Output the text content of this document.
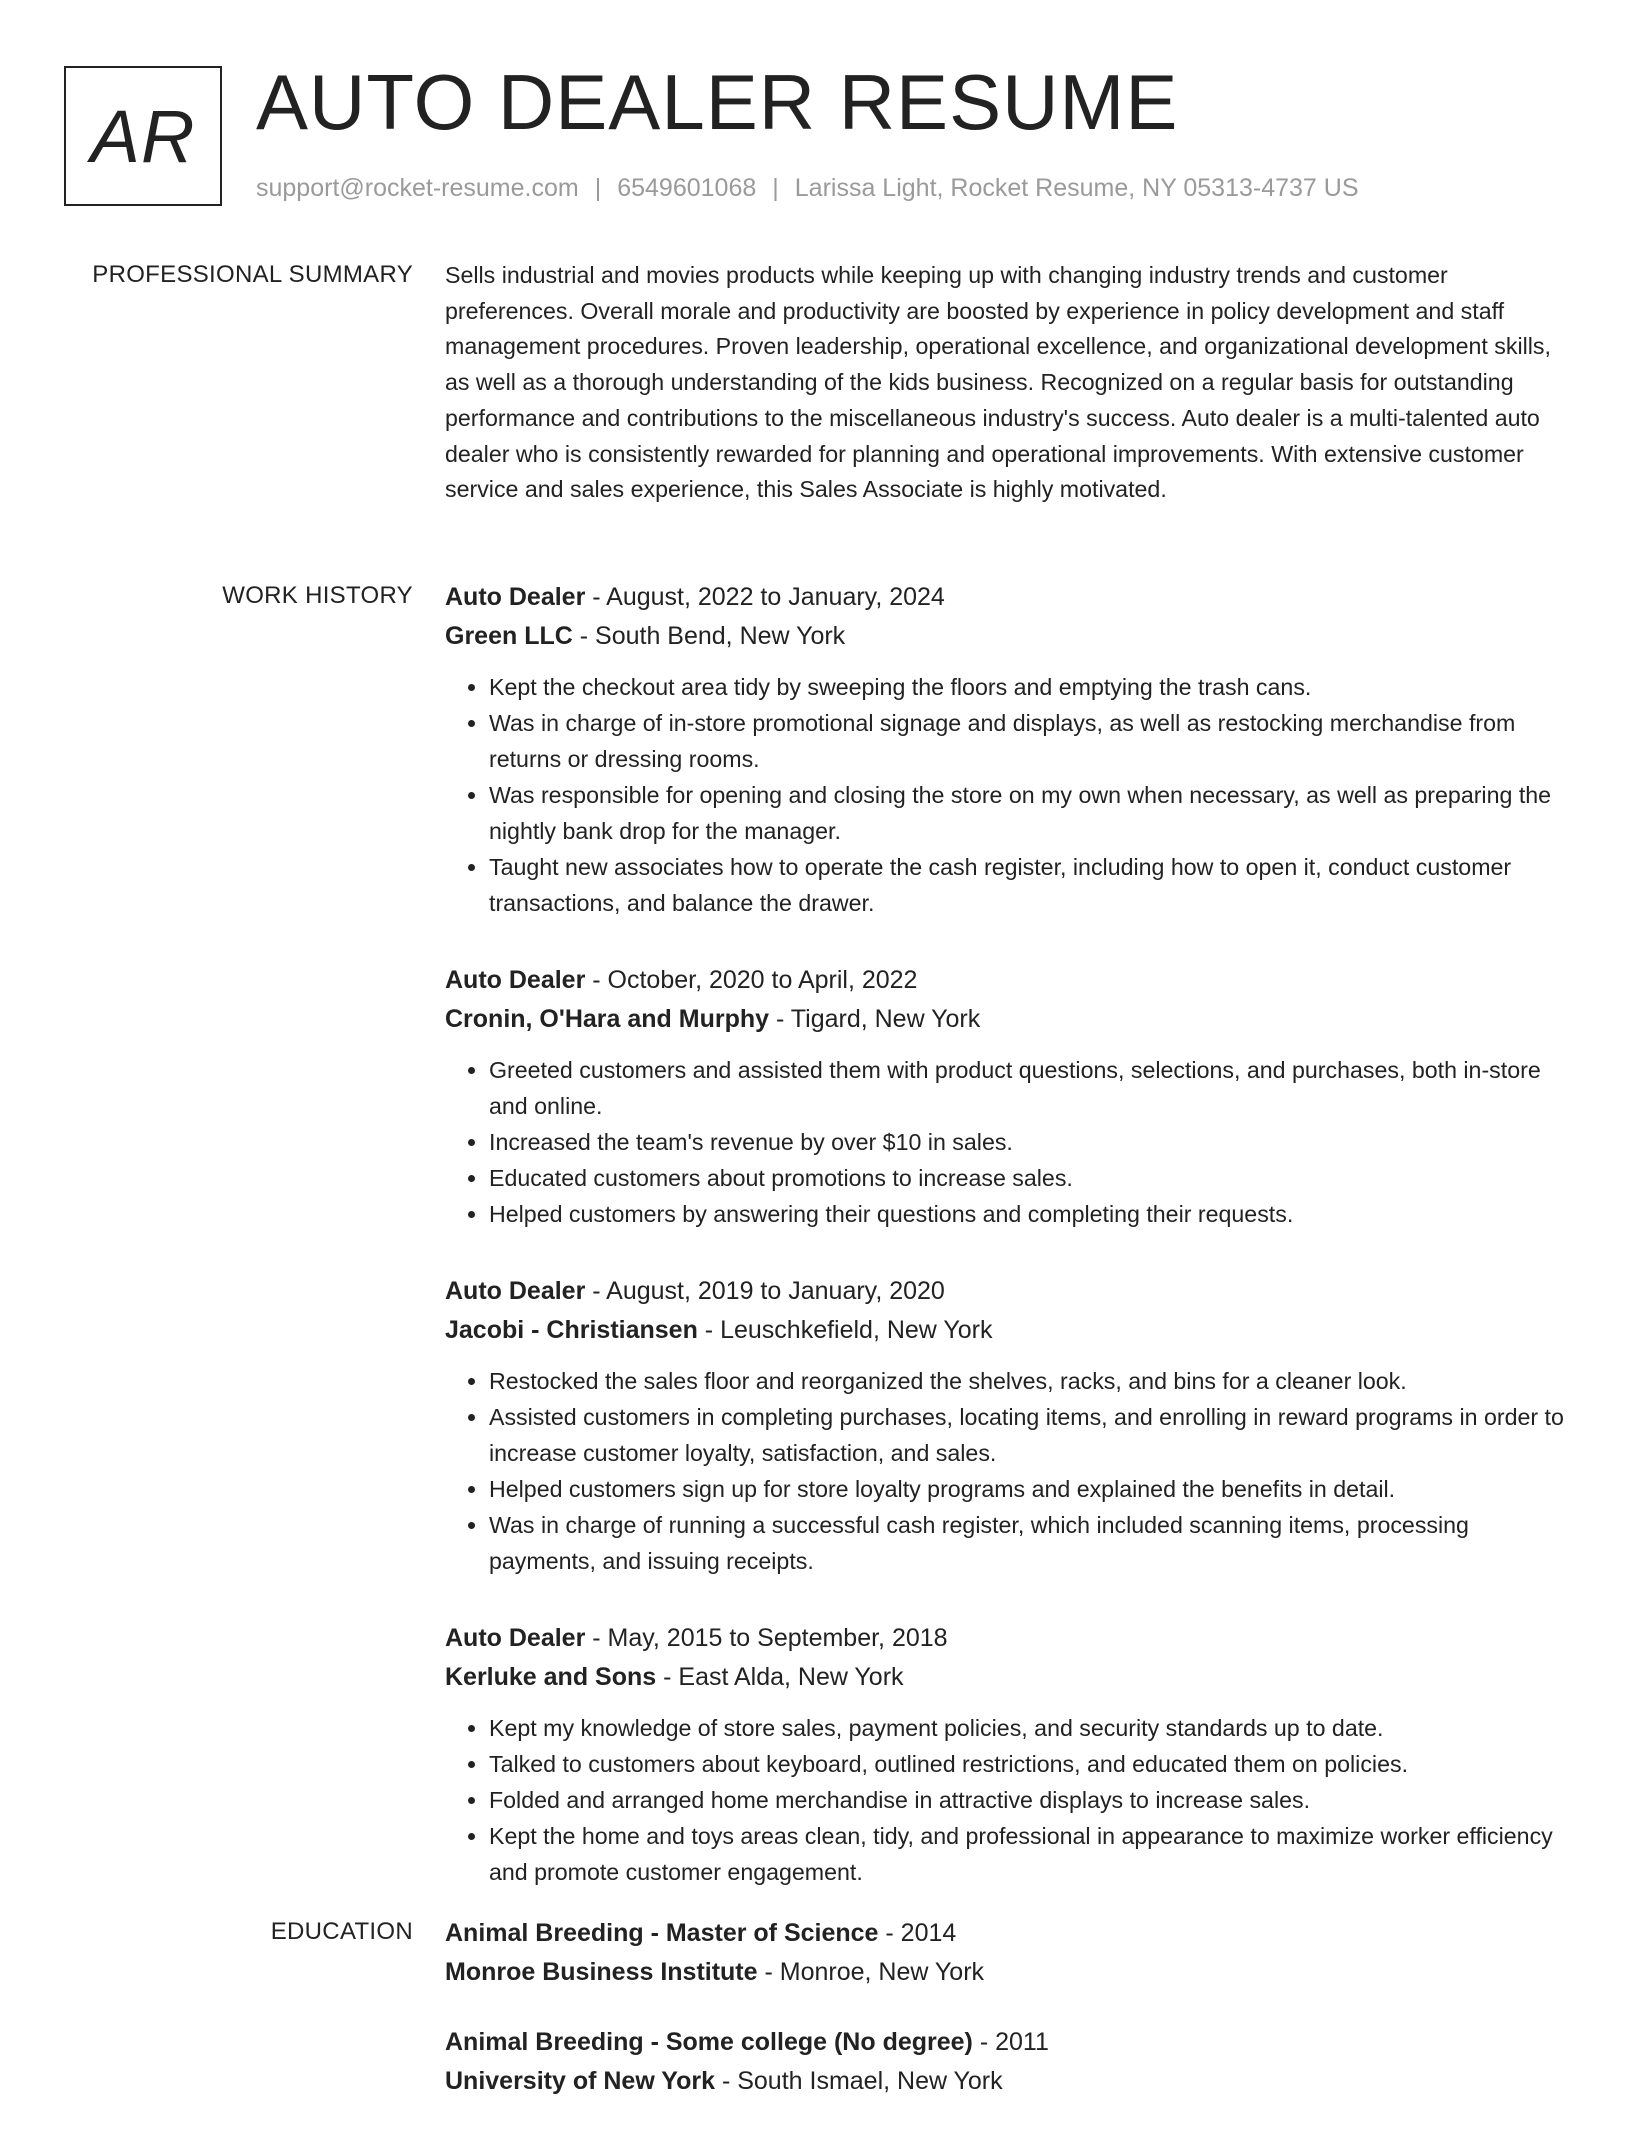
AR AUTO DEALER RESUME
support@rocket-resume.com | 6549601068 | Larissa Light, Rocket Resume, NY 05313-4737 US
PROFESSIONAL SUMMARY Sells industrial and movies products while keeping up with changing industry trends and customer preferences. Overall morale and productivity are boosted by experience in policy development and staff management procedures. Proven leadership, operational excellence, and organizational development skills, as well as a thorough understanding of the kids business. Recognized on a regular basis for outstanding performance and contributions to the miscellaneous industry's success. Auto dealer is a multi-talented auto dealer who is consistently rewarded for planning and operational improvements. With extensive customer service and sales experience, this Sales Associate is highly motivated.

WORK HISTORY Auto Dealer - August, 2022 to January, 2024
Green LLC - South Bend, New York
• Kept the checkout area tidy by sweeping the floors and emptying the trash cans.
• Was in charge of in-store promotional signage and displays, as well as restocking merchandise from returns or dressing rooms.
• Was responsible for opening and closing the store on my own when necessary, as well as preparing the nightly bank drop for the manager.
• Taught new associates how to operate the cash register, including how to open it, conduct customer transactions, and balance the drawer.
Auto Dealer - October, 2020 to April, 2022
Cronin, O'Hara and Murphy - Tigard, New York
• Greeted customers and assisted them with product questions, selections, and purchases, both in-store and online.
• Increased the team's revenue by over $10 in sales.
• Educated customers about promotions to increase sales.
• Helped customers by answering their questions and completing their requests.
Auto Dealer - August, 2019 to January, 2020
Jacobi - Christiansen - Leuschkefield, New York
• Restocked the sales floor and reorganized the shelves, racks, and bins for a cleaner look.
• Assisted customers in completing purchases, locating items, and enrolling in reward programs in order to increase customer loyalty, satisfaction, and sales.
• Helped customers sign up for store loyalty programs and explained the benefits in detail.
• Was in charge of running a successful cash register, which included scanning items, processing payments, and issuing receipts.
Auto Dealer - May, 2015 to September, 2018
Kerluke and Sons - East Alda, New York
• Kept my knowledge of store sales, payment policies, and security standards up to date.
• Talked to customers about keyboard, outlined restrictions, and educated them on policies.
• Folded and arranged home merchandise in attractive displays to increase sales.
• Kept the home and toys areas clean, tidy, and professional in appearance to maximize worker efficiency and promote customer engagement.
EDUCATION Animal Breeding - Master of Science - 2014
Monroe Business Institute - Monroe, New York
Animal Breeding - Some college (No degree) - 2011
University of New York - South Ismael, New York
